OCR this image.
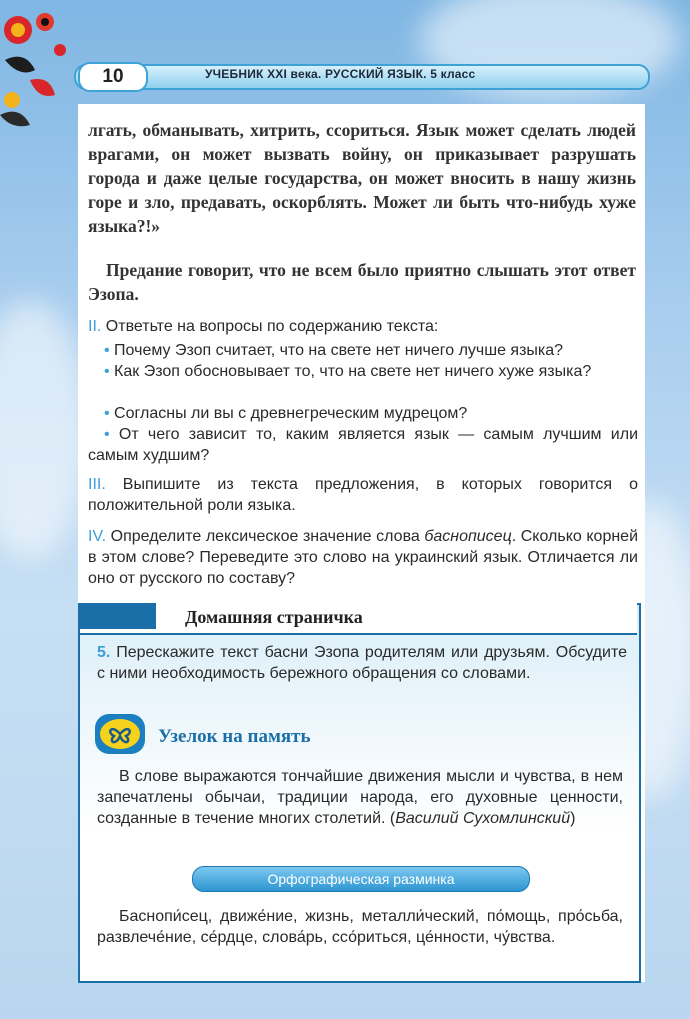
10	УЧЕБНИК XXI века. РУССКИЙ ЯЗЫК. 5 класс
лгать, обманывать, хитрить, ссориться. Язык может сделать людей врагами, он может вызвать войну, он приказывает разрушать города и даже целые государства, он может вносить в нашу жизнь горе и зло, предавать, оскорблять. Может ли быть что-нибудь хуже языка?!»
Предание говорит, что не всем было приятно слышать этот ответ Эзопа.
II. Ответьте на вопросы по содержанию текста:
• Почему Эзоп считает, что на свете нет ничего лучше языка?
• Как Эзоп обосновывает то, что на свете нет ничего хуже языка?
• Согласны ли вы с древнегреческим мудрецом?
• От чего зависит то, каким является язык — самым лучшим или самым худшим?
III. Выпишите из текста предложения, в которых говорится о положительной роли языка.
IV. Определите лексическое значение слова баснописец. Сколько корней в этом слове? Переведите это слово на украинский язык. Отличается ли оно от русского по составу?
Домашняя страничка
5. Перескажите текст басни Эзопа родителям или друзьям. Обсудите с ними необходимость бережного обращения со словами.
Узелок на память
В слове выражаются тончайшие движения мысли и чувства, в нем запечатлены обычаи, традиции народа, его духовные ценности, созданные в течение многих столетий. (Василий Сухомлинский)
Орфографическая разминка
Баснопи́сец, движе́ние, жизнь, металли́ческий, по́мощь, про́сьба, развлече́ние, се́рдце, слова́рь, ссо́риться, це́нности, чу́вства.
